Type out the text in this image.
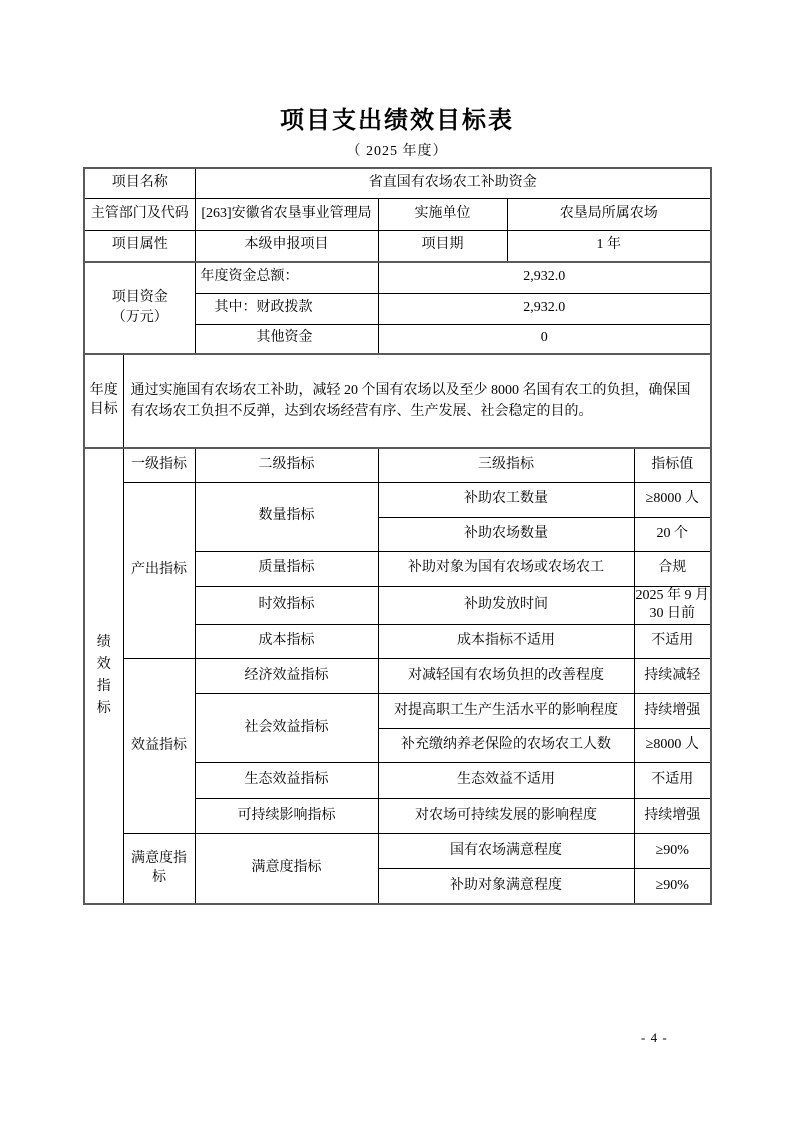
项目支出绩效目标表
（ 2025 年度）
项目名称		省直国有农场农工补助资金			
主管部门及代码		[263]安徽省农垦事业管理局	实施单位	农垦局所属农场	
项目属性		本级申报项目	项目期	1 年	

项目资金
（万元）		年度资金总额：	2,932.0		
		其中：财政拨款	2,932.0		
		其他资金	0		
年度目标	通过实施国有农场农工补助，减轻 20 个国有农场以及至少 8000 名国有农工的负担，确保国有农场农工负担不反弹，达到农场经营有序、生产发展、社会稳定的目的。				

绩效指标	一级指标	二级指标	三级指标		指标值
	产出指标	数量指标	补助农工数量		≥8000 人
			补助农场数量		20 个
		质量指标	补助对象为国有农场或农场农工		合规
		时效指标	补助发放时间		2025 年 9 月 30 日前
		成本指标	成本指标不适用		不适用
	效益指标	经济效益指标	对减轻国有农场负担的改善程度		持续减轻
		社会效益指标	对提高职工生产生活水平的影响程度		持续增强
			补充缴纳养老保险的农场农工人数		≥8000 人
		生态效益指标	生态效益不适用		不适用
		可持续影响指标	对农场可持续发展的影响程度		持续增强
	满意度指标	满意度指标	国有农场满意程度		≥90%
			补助对象满意程度		≥90%
- 4 -
